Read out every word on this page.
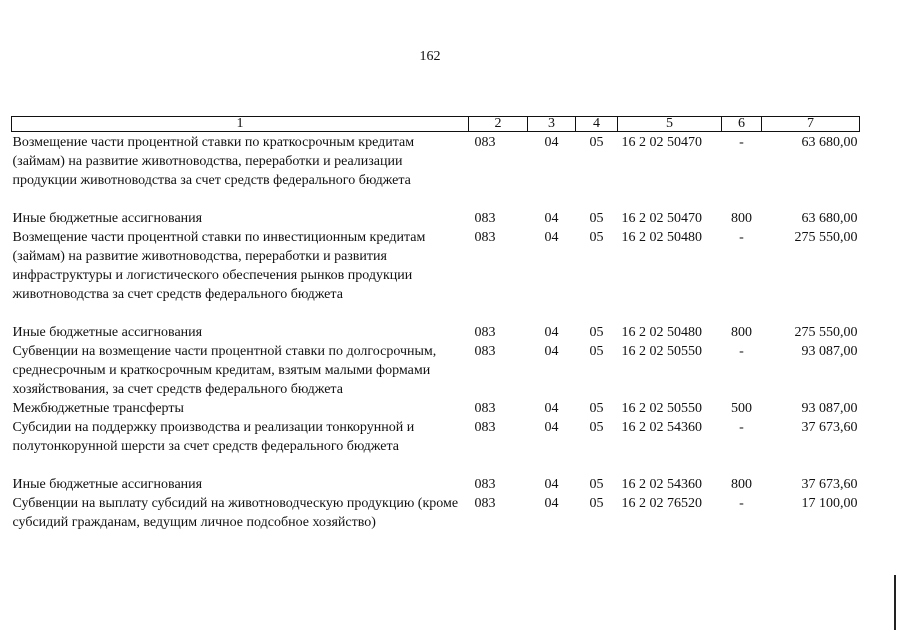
162
1	2	3	4	5	6	7
Возмещение части процентной ставки по краткосрочным кредитам (займам) на развитие животноводства, переработки и реализации продукции животноводства за счет средств федерального бюджета	083	04	05	16 2 02 50470	-	63 680,00

Иные бюджетные ассигнования	083	04	05	16 2 02 50470	800	63 680,00
Возмещение части процентной ставки по инвестиционным кредитам (займам) на развитие животноводства, переработки и развития инфраструктуры и логистического обеспечения рынков продукции животноводства за счет средств федерального бюджета	083	04	05	16 2 02 50480	-	275 550,00

Иные бюджетные ассигнования	083	04	05	16 2 02 50480	800	275 550,00
Субвенции на возмещение части процентной ставки по долгосрочным, среднесрочным и краткосрочным кредитам, взятым малыми формами хозяйствования, за счет средств федерального бюджета	083	04	05	16 2 02 50550	-	93 087,00
Межбюджетные трансферты	083	04	05	16 2 02 50550	500	93 087,00
Субсидии на поддержку производства и реализации тонкорунной и полутонкорунной шерсти за счет средств федерального бюджета	083	04	05	16 2 02 54360	-	37 673,60

Иные бюджетные ассигнования	083	04	05	16 2 02 54360	800	37 673,60
Субвенции на выплату субсидий на животноводческую продукцию (кроме субсидий гражданам, ведущим личное подсобное хозяйство)	083	04	05	16 2 02 76520	-	17 100,00
